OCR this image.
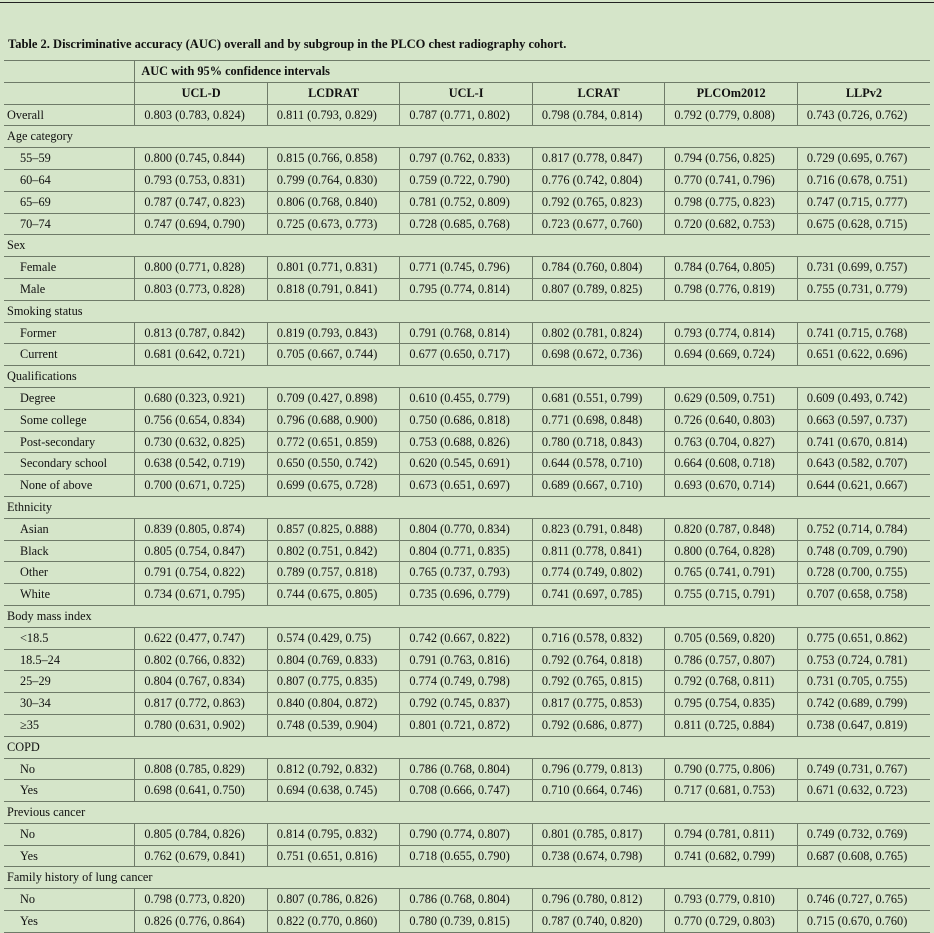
Table 2. Discriminative accuracy (AUC) overall and by subgroup in the PLCO chest radiography cohort.
	AUC with 95% confidence intervals					
	UCL-D	LCDRAT	UCL-I	LCRAT	PLCOm2012	LLPv2
Overall	0.803 (0.783, 0.824)	0.811 (0.793, 0.829)	0.787 (0.771, 0.802)	0.798 (0.784, 0.814)	0.792 (0.779, 0.808)	0.743 (0.726, 0.762)
Age category						
55–59	0.800 (0.745, 0.844)	0.815 (0.766, 0.858)	0.797 (0.762, 0.833)	0.817 (0.778, 0.847)	0.794 (0.756, 0.825)	0.729 (0.695, 0.767)
60–64	0.793 (0.753, 0.831)	0.799 (0.764, 0.830)	0.759 (0.722, 0.790)	0.776 (0.742, 0.804)	0.770 (0.741, 0.796)	0.716 (0.678, 0.751)
65–69	0.787 (0.747, 0.823)	0.806 (0.768, 0.840)	0.781 (0.752, 0.809)	0.792 (0.765, 0.823)	0.798 (0.775, 0.823)	0.747 (0.715, 0.777)
70–74	0.747 (0.694, 0.790)	0.725 (0.673, 0.773)	0.728 (0.685, 0.768)	0.723 (0.677, 0.760)	0.720 (0.682, 0.753)	0.675 (0.628, 0.715)
Sex						
Female	0.800 (0.771, 0.828)	0.801 (0.771, 0.831)	0.771 (0.745, 0.796)	0.784 (0.760, 0.804)	0.784 (0.764, 0.805)	0.731 (0.699, 0.757)
Male	0.803 (0.773, 0.828)	0.818 (0.791, 0.841)	0.795 (0.774, 0.814)	0.807 (0.789, 0.825)	0.798 (0.776, 0.819)	0.755 (0.731, 0.779)
Smoking status						
Former	0.813 (0.787, 0.842)	0.819 (0.793, 0.843)	0.791 (0.768, 0.814)	0.802 (0.781, 0.824)	0.793 (0.774, 0.814)	0.741 (0.715, 0.768)
Current	0.681 (0.642, 0.721)	0.705 (0.667, 0.744)	0.677 (0.650, 0.717)	0.698 (0.672, 0.736)	0.694 (0.669, 0.724)	0.651 (0.622, 0.696)
Qualifications						
Degree	0.680 (0.323, 0.921)	0.709 (0.427, 0.898)	0.610 (0.455, 0.779)	0.681 (0.551, 0.799)	0.629 (0.509, 0.751)	0.609 (0.493, 0.742)
Some college	0.756 (0.654, 0.834)	0.796 (0.688, 0.900)	0.750 (0.686, 0.818)	0.771 (0.698, 0.848)	0.726 (0.640, 0.803)	0.663 (0.597, 0.737)
Post-secondary	0.730 (0.632, 0.825)	0.772 (0.651, 0.859)	0.753 (0.688, 0.826)	0.780 (0.718, 0.843)	0.763 (0.704, 0.827)	0.741 (0.670, 0.814)
Secondary school	0.638 (0.542, 0.719)	0.650 (0.550, 0.742)	0.620 (0.545, 0.691)	0.644 (0.578, 0.710)	0.664 (0.608, 0.718)	0.643 (0.582, 0.707)
None of above	0.700 (0.671, 0.725)	0.699 (0.675, 0.728)	0.673 (0.651, 0.697)	0.689 (0.667, 0.710)	0.693 (0.670, 0.714)	0.644 (0.621, 0.667)
Ethnicity						
Asian	0.839 (0.805, 0.874)	0.857 (0.825, 0.888)	0.804 (0.770, 0.834)	0.823 (0.791, 0.848)	0.820 (0.787, 0.848)	0.752 (0.714, 0.784)
Black	0.805 (0.754, 0.847)	0.802 (0.751, 0.842)	0.804 (0.771, 0.835)	0.811 (0.778, 0.841)	0.800 (0.764, 0.828)	0.748 (0.709, 0.790)
Other	0.791 (0.754, 0.822)	0.789 (0.757, 0.818)	0.765 (0.737, 0.793)	0.774 (0.749, 0.802)	0.765 (0.741, 0.791)	0.728 (0.700, 0.755)
White	0.734 (0.671, 0.795)	0.744 (0.675, 0.805)	0.735 (0.696, 0.779)	0.741 (0.697, 0.785)	0.755 (0.715, 0.791)	0.707 (0.658, 0.758)
Body mass index						
<18.5	0.622 (0.477, 0.747)	0.574 (0.429, 0.75)	0.742 (0.667, 0.822)	0.716 (0.578, 0.832)	0.705 (0.569, 0.820)	0.775 (0.651, 0.862)
18.5–24	0.802 (0.766, 0.832)	0.804 (0.769, 0.833)	0.791 (0.763, 0.816)	0.792 (0.764, 0.818)	0.786 (0.757, 0.807)	0.753 (0.724, 0.781)
25–29	0.804 (0.767, 0.834)	0.807 (0.775, 0.835)	0.774 (0.749, 0.798)	0.792 (0.765, 0.815)	0.792 (0.768, 0.811)	0.731 (0.705, 0.755)
30–34	0.817 (0.772, 0.863)	0.840 (0.804, 0.872)	0.792 (0.745, 0.837)	0.817 (0.775, 0.853)	0.795 (0.754, 0.835)	0.742 (0.689, 0.799)
≥35	0.780 (0.631, 0.902)	0.748 (0.539, 0.904)	0.801 (0.721, 0.872)	0.792 (0.686, 0.877)	0.811 (0.725, 0.884)	0.738 (0.647, 0.819)
COPD						
No	0.808 (0.785, 0.829)	0.812 (0.792, 0.832)	0.786 (0.768, 0.804)	0.796 (0.779, 0.813)	0.790 (0.775, 0.806)	0.749 (0.731, 0.767)
Yes	0.698 (0.641, 0.750)	0.694 (0.638, 0.745)	0.708 (0.666, 0.747)	0.710 (0.664, 0.746)	0.717 (0.681, 0.753)	0.671 (0.632, 0.723)
Previous cancer						
No	0.805 (0.784, 0.826)	0.814 (0.795, 0.832)	0.790 (0.774, 0.807)	0.801 (0.785, 0.817)	0.794 (0.781, 0.811)	0.749 (0.732, 0.769)
Yes	0.762 (0.679, 0.841)	0.751 (0.651, 0.816)	0.718 (0.655, 0.790)	0.738 (0.674, 0.798)	0.741 (0.682, 0.799)	0.687 (0.608, 0.765)
Family history of lung cancer						
No	0.798 (0.773, 0.820)	0.807 (0.786, 0.826)	0.786 (0.768, 0.804)	0.796 (0.780, 0.812)	0.793 (0.779, 0.810)	0.746 (0.727, 0.765)
Yes	0.826 (0.776, 0.864)	0.822 (0.770, 0.860)	0.780 (0.739, 0.815)	0.787 (0.740, 0.820)	0.770 (0.729, 0.803)	0.715 (0.670, 0.760)
